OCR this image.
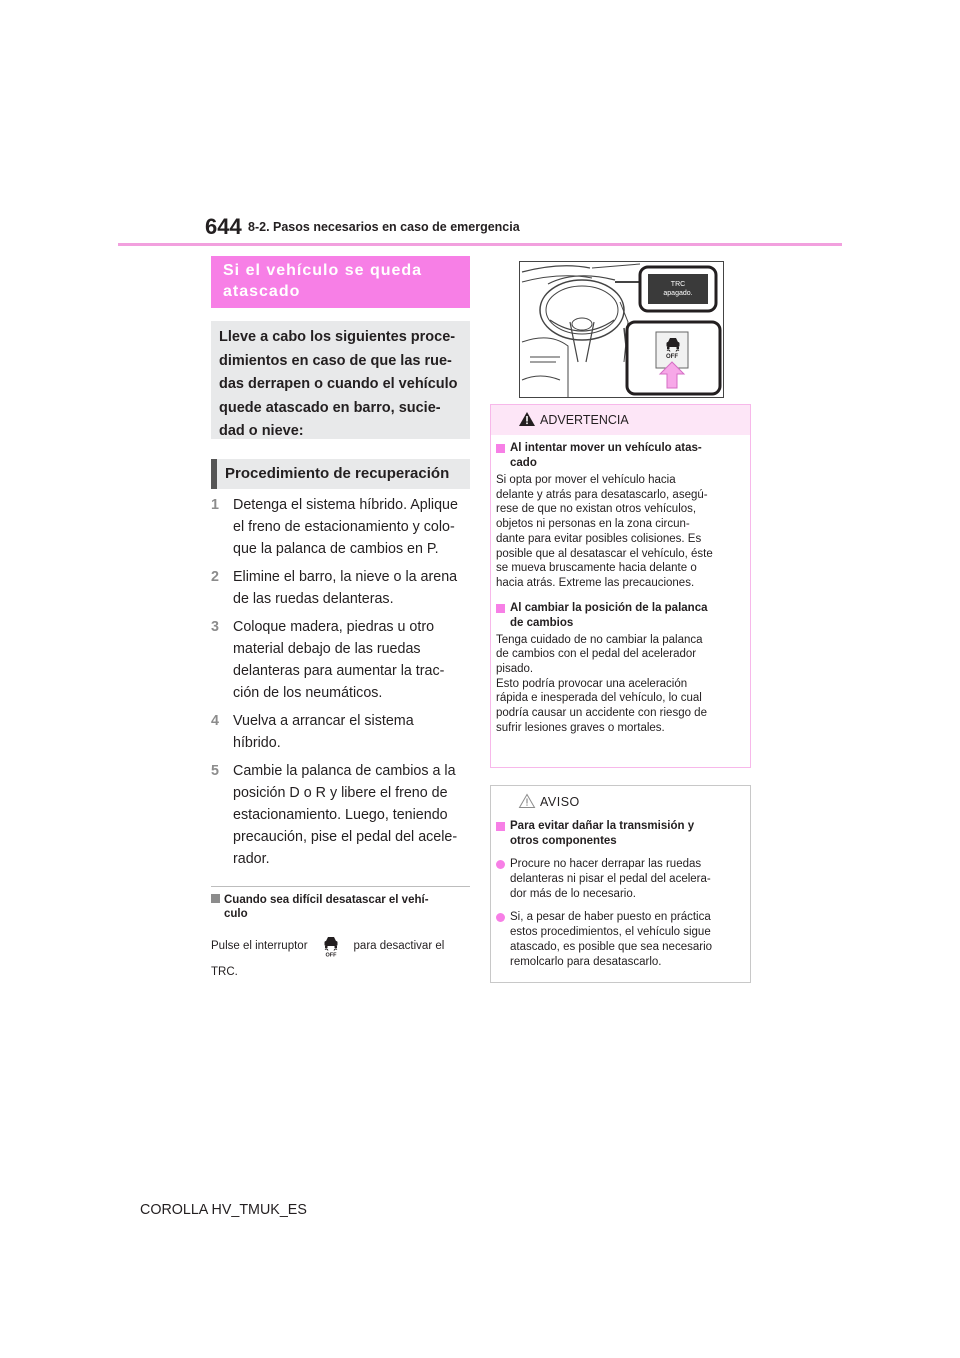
644 8-2. Pasos necesarios en caso de emergencia
Si el vehículo se queda
atascado
Lleve a cabo los siguientes proce-
dimientos en caso de que las rue-
das derrapen o cuando el vehículo
quede atascado en barro, sucie-
dad o nieve:
Procedimiento de recuperación
1 Detenga el sistema híbrido. Aplique
el freno de estacionamiento y colo-
que la palanca de cambios en P.
2 Elimine el barro, la nieve o la arena
de las ruedas delanteras.
3 Coloque madera, piedras u otro
material debajo de las ruedas
delanteras para aumentar la trac-
ción de los neumáticos.
4 Vuelva a arrancar el sistema
híbrido.
5 Cambie la palanca de cambios a la
posición D o R y libere el freno de
estacionamiento. Luego, teniendo
precaución, pise el pedal del acele-
rador.
Cuando sea difícil desatascar el vehí-
culo
Pulse el interruptor
OFF
para desactivar el
TRC.
COROLLA HV_TMUK_ES
TRC
apagado.
OFF
ADVERTENCIA
Al intentar mover un vehículo atas-
cado
Si opta por mover el vehículo hacia
delante y atrás para desatascarlo, asegú-
rese de que no existan otros vehículos,
objetos ni personas en la zona circun-
dante para evitar posibles colisiones. Es
posible que al desatascar el vehículo, éste
se mueva bruscamente hacia delante o
hacia atrás. Extreme las precauciones.
Al cambiar la posición de la palanca
de cambios
Tenga cuidado de no cambiar la palanca
de cambios con el pedal del acelerador
pisado.
Esto podría provocar una aceleración
rápida e inesperada del vehículo, lo cual
podría causar un accidente con riesgo de
sufrir lesiones graves o mortales.
AVISO
Para evitar dañar la transmisión y
otros componentes
Procure no hacer derrapar las ruedas
delanteras ni pisar el pedal del acelera-
dor más de lo necesario.
Si, a pesar de haber puesto en práctica
estos procedimientos, el vehículo sigue
atascado, es posible que sea necesario
remolcarlo para desatascarlo.
